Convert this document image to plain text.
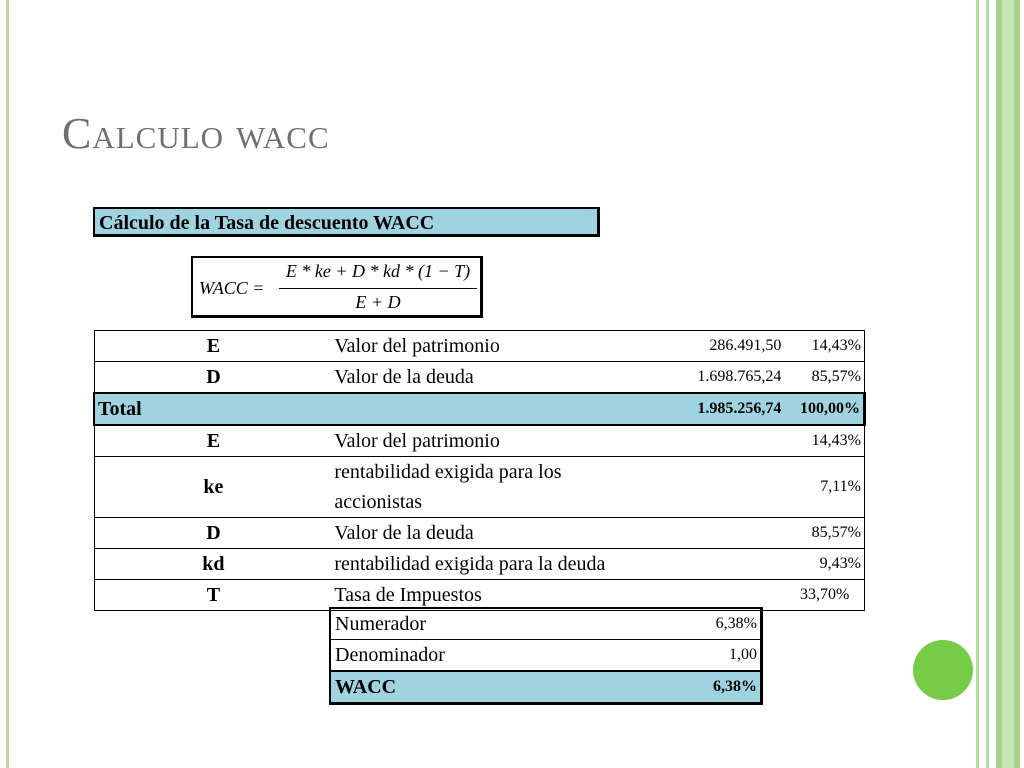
Calculo wacc
Cálculo de la Tasa de descuento WACC
WACC =
E * ke + D * kd * (1 − T)
E + D
E	Valor del patrimonio	286.491,50	14,43%
D	Valor de la deuda	1.698.765,24	85,57%
Total		1.985.256,74	100,00%
E	Valor del patrimonio		14,43%
ke	rentabilidad exigida para los accionistas		7,11%
D	Valor de la deuda		85,57%
kd	rentabilidad exigida para la deuda		9,43%
T	Tasa de Impuestos		33,70%
Numerador	6,38%
Denominador	1,00
WACC	6,38%
